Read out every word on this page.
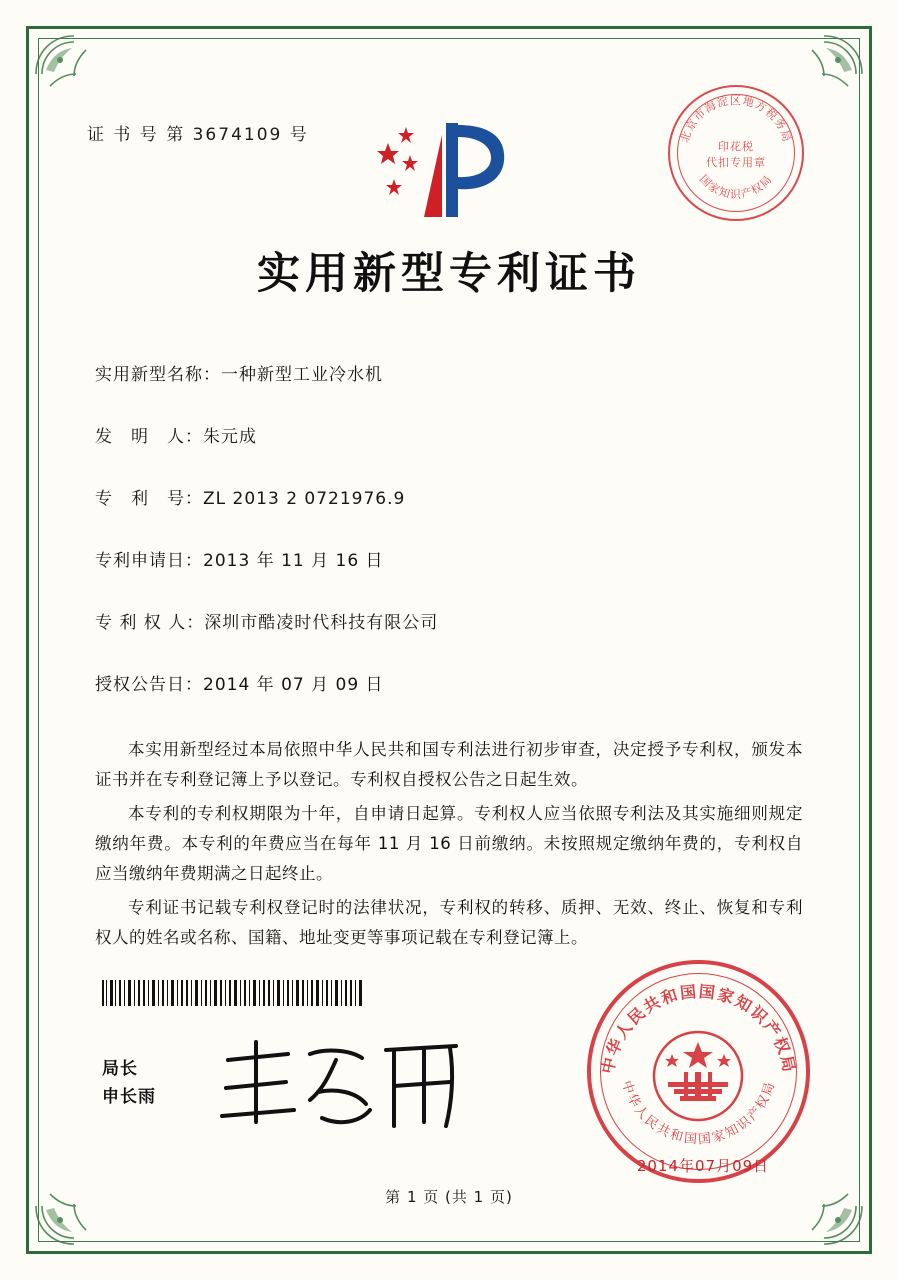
证 书 号 第 3674109 号	北京市海淀区地方税务局
国家知识产权局
印花税
代扣专用章
实用新型专利证书
实用新型名称：一种新型工业冷水机
发　明　人：朱元成
专　利　号：ZL 2013 2 0721976.9
专利申请日：2013 年 11 月 16 日
专 利 权 人：深圳市酷凌时代科技有限公司
授权公告日：2014 年 07 月 09 日

本实用新型经过本局依照中华人民共和国专利法进行初步审查，决定授予专利权，颁发本证书并在专利登记簿上予以登记。专利权自授权公告之日起生效。

本专利的专利权期限为十年，自申请日起算。专利权人应当依照专利法及其实施细则规定缴纳年费。本专利的年费应当在每年 11 月 16 日前缴纳。未按照规定缴纳年费的，专利权自应当缴纳年费期满之日起终止。

专利证书记载专利权登记时的法律状况，专利权的转移、质押、无效、终止、恢复和专利权人的姓名或名称、国籍、地址变更等事项记载在专利登记簿上。

局长
申长雨
中华人民共和国国家知识产权局
中华人民共和国国家知识产权局
2014年07月09日
第 1 页 (共 1 页)
